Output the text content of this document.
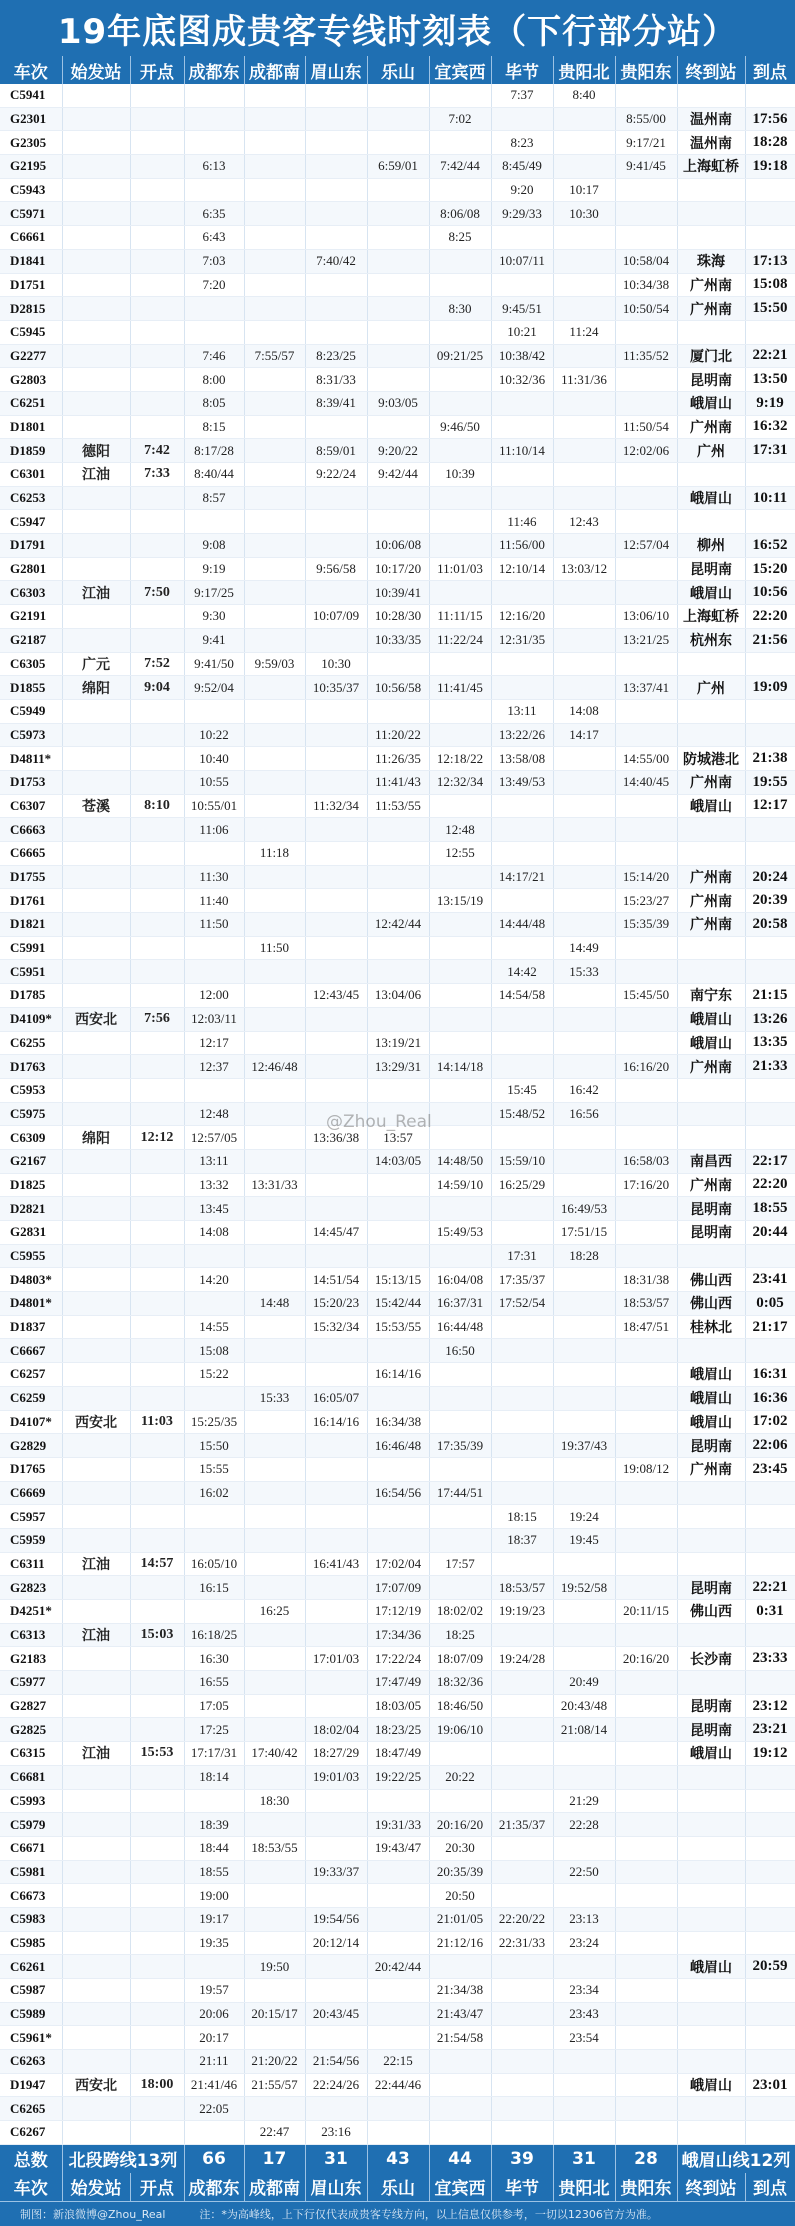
19年底图成贵客专线时刻表（下行部分站）
车次	始发站	开点	成都东	成都南	眉山东	乐山	宜宾西	毕节	贵阳北	贵阳东	终到站	到点
C5941								7:37	8:40			
G2301							7:02			8:55/00	温州南	17:56
G2305								8:23		9:17/21	温州南	18:28
G2195			6:13			6:59/01	7:42/44	8:45/49		9:41/45	上海虹桥	19:18
C5943								9:20	10:17			
C5971			6:35				8:06/08	9:29/33	10:30			
C6661			6:43				8:25					
D1841			7:03		7:40/42			10:07/11		10:58/04	珠海	17:13
D1751			7:20							10:34/38	广州南	15:08
D2815							8:30	9:45/51		10:50/54	广州南	15:50
C5945								10:21	11:24			
G2277			7:46	7:55/57	8:23/25		09:21/25	10:38/42		11:35/52	厦门北	22:21
G2803			8:00		8:31/33			10:32/36	11:31/36		昆明南	13:50
C6251			8:05		8:39/41	9:03/05					峨眉山	9:19
D1801			8:15				9:46/50			11:50/54	广州南	16:32
D1859	德阳	7:42	8:17/28		8:59/01	9:20/22		11:10/14		12:02/06	广州	17:31
C6301	江油	7:33	8:40/44		9:22/24	9:42/44	10:39					
C6253			8:57								峨眉山	10:11
C5947								11:46	12:43			
D1791			9:08			10:06/08		11:56/00		12:57/04	柳州	16:52
G2801			9:19		9:56/58	10:17/20	11:01/03	12:10/14	13:03/12		昆明南	15:20
C6303	江油	7:50	9:17/25			10:39/41					峨眉山	10:56
G2191			9:30		10:07/09	10:28/30	11:11/15	12:16/20		13:06/10	上海虹桥	22:20
G2187			9:41			10:33/35	11:22/24	12:31/35		13:21/25	杭州东	21:56
C6305	广元	7:52	9:41/50	9:59/03	10:30							
D1855	绵阳	9:04	9:52/04		10:35/37	10:56/58	11:41/45			13:37/41	广州	19:09
C5949								13:11	14:08			
C5973			10:22			11:20/22		13:22/26	14:17			
D4811*			10:40			11:26/35	12:18/22	13:58/08		14:55/00	防城港北	21:38
D1753			10:55			11:41/43	12:32/34	13:49/53		14:40/45	广州南	19:55
C6307	苍溪	8:10	10:55/01		11:32/34	11:53/55					峨眉山	12:17
C6663			11:06				12:48					
C6665				11:18			12:55					
D1755			11:30					14:17/21		15:14/20	广州南	20:24
D1761			11:40				13:15/19			15:23/27	广州南	20:39
D1821			11:50			12:42/44		14:44/48		15:35/39	广州南	20:58
C5991				11:50					14:49			
C5951								14:42	15:33			
D1785			12:00		12:43/45	13:04/06		14:54/58		15:45/50	南宁东	21:15
D4109*	西安北	7:56	12:03/11								峨眉山	13:26
C6255			12:17			13:19/21					峨眉山	13:35
D1763			12:37	12:46/48		13:29/31	14:14/18			16:16/20	广州南	21:33
C5953								15:45	16:42			
C5975			12:48					15:48/52	16:56			
C6309	绵阳	12:12	12:57/05		13:36/38	13:57						
G2167			13:11			14:03/05	14:48/50	15:59/10		16:58/03	南昌西	22:17
D1825			13:32	13:31/33			14:59/10	16:25/29		17:16/20	广州南	22:20
D2821			13:45						16:49/53		昆明南	18:55
G2831			14:08		14:45/47		15:49/53		17:51/15		昆明南	20:44
C5955								17:31	18:28			
D4803*			14:20		14:51/54	15:13/15	16:04/08	17:35/37		18:31/38	佛山西	23:41
D4801*				14:48	15:20/23	15:42/44	16:37/31	17:52/54		18:53/57	佛山西	0:05
D1837			14:55		15:32/34	15:53/55	16:44/48			18:47/51	桂林北	21:17
C6667			15:08				16:50					
C6257			15:22			16:14/16					峨眉山	16:31
C6259				15:33	16:05/07						峨眉山	16:36
D4107*	西安北	11:03	15:25/35		16:14/16	16:34/38					峨眉山	17:02
G2829			15:50			16:46/48	17:35/39		19:37/43		昆明南	22:06
D1765			15:55							19:08/12	广州南	23:45
C6669			16:02			16:54/56	17:44/51					
C5957								18:15	19:24			
C5959								18:37	19:45			
C6311	江油	14:57	16:05/10		16:41/43	17:02/04	17:57					
G2823			16:15			17:07/09		18:53/57	19:52/58		昆明南	22:21
D4251*				16:25		17:12/19	18:02/02	19:19/23		20:11/15	佛山西	0:31
C6313	江油	15:03	16:18/25			17:34/36	18:25					
G2183			16:30		17:01/03	17:22/24	18:07/09	19:24/28		20:16/20	长沙南	23:33
C5977			16:55			17:47/49	18:32/36		20:49			
G2827			17:05			18:03/05	18:46/50		20:43/48		昆明南	23:12
G2825			17:25		18:02/04	18:23/25	19:06/10		21:08/14		昆明南	23:21
C6315	江油	15:53	17:17/31	17:40/42	18:27/29	18:47/49					峨眉山	19:12
C6681			18:14		19:01/03	19:22/25	20:22					
C5993				18:30					21:29			
C5979			18:39			19:31/33	20:16/20	21:35/37	22:28			
C6671			18:44	18:53/55		19:43/47	20:30					
C5981			18:55		19:33/37		20:35/39		22:50			
C6673			19:00				20:50					
C5983			19:17		19:54/56		21:01/05	22:20/22	23:13			
C5985			19:35		20:12/14		21:12/16	22:31/33	23:24			
C6261				19:50		20:42/44					峨眉山	20:59
C5987			19:57				21:34/38		23:34			
C5989			20:06	20:15/17	20:43/45		21:43/47		23:43			
C5961*			20:17				21:54/58		23:54			
C6263			21:11	21:20/22	21:54/56	22:15						
D1947	西安北	18:00	21:41/46	21:55/57	22:24/26	22:44/46					峨眉山	23:01
C6265			22:05									
C6267				22:47	23:16							
总数	北段跨线13列		66	17	31	43	44	39	31	28	峨眉山线12列	
车次	始发站	开点	成都东	成都南	眉山东	乐山	宜宾西	毕节	贵阳北	贵阳东	终到站	到点
制图：新浪微博@Zhou_Real	注：*为高峰线，上下行仅代表成贵客专线方向，以上信息仅供参考，一切以12306官方为准。
@Zhou_Real
